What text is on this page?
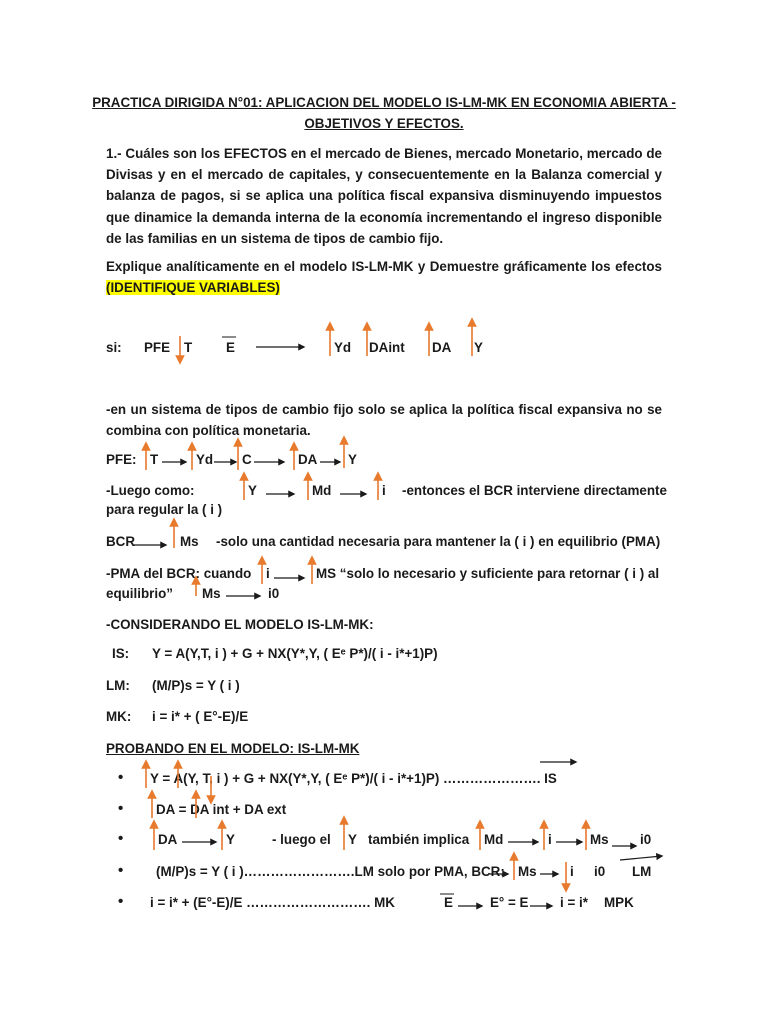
PRACTICA DIRIGIDA N°01: APLICACION DEL MODELO IS-LM-MK EN ECONOMIA ABIERTA -
OBJETIVOS Y EFECTOS.
1.- Cuáles son los EFECTOS en el mercado de Bienes, mercado Monetario, mercado de Divisas y en el mercado de capitales, y consecuentemente en la Balanza comercial y balanza de pagos, si se aplica una política fiscal expansiva disminuyendo impuestos que dinamice la demanda interna de la economía incrementando el ingreso disponible de las familias en un sistema de tipos de cambio fijo.
Explique analíticamente en el modelo IS-LM-MK y Demuestre gráficamente los efectos (IDENTIFIQUE VARIABLES)
si: PFE T	E	Yd DAint DA Y
-en un sistema de tipos de cambio fijo solo se aplica la política fiscal expansiva no se combina con política monetaria.
PFE: T	Yd C	DA Y
-Luego como:	Y	Md	i -entonces el BCR interviene directamente
para regular la ( i )
BCR	Ms -solo una cantidad necesaria para mantener la ( i ) en equilibrio (PMA)
-PMA del BCR: cuando i	MS “solo lo necesario y suficiente para retornar ( i ) al
equilibrio” Ms	i0
-CONSIDERANDO EL MODELO IS-LM-MK:
IS: Y = A(Y,T, i ) + G + NX(Y*,Y, ( Eᵉ P*)/( i - i*+1)P)
LM: (M/P)s = Y ( i )
MK: i = i* + ( E°-E)/E
PROBANDO EN EL MODELO: IS-LM-MK
• Y = A(Y, T, i ) + G + NX(Y*,Y, ( Eᵉ P*)/( i - i*+1)P) …………………. IS
• DA = DA int + DA ext
•	DA	Y	- luego el Y también implica Md	i	Ms i0
• (M/P)s = Y ( i )…………………….LM solo por PMA, BCR: Ms i i0 LM
• i = i* + (E°-E)/E ………………………. MK	E	E° = E i = i* MPK
